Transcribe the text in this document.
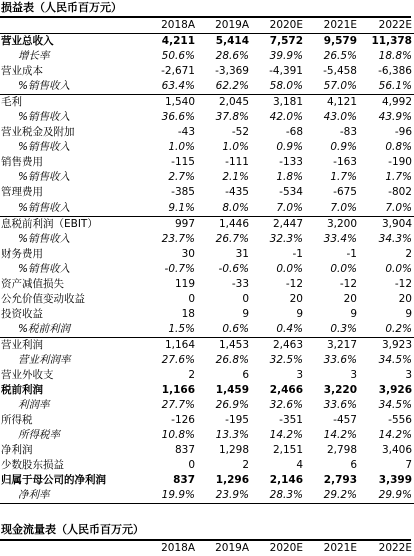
损益表（人民币百万元）
	2018A	2019A	2020E	2021E	2022E
营业总收入	4,211	5,414	7,572	9,579	11,378
增长率	50.6%	28.6%	39.9%	26.5%	18.8%
营业成本	-2,671	-3,369	-4,391	-5,458	-6,386
%销售收入	63.4%	62.2%	58.0%	57.0%	56.1%
毛利	1,540	2,045	3,181	4,121	4,992
%销售收入	36.6%	37.8%	42.0%	43.0%	43.9%
营业税金及附加	-43	-52	-68	-83	-96
%销售收入	1.0%	1.0%	0.9%	0.9%	0.8%
销售费用	-115	-111	-133	-163	-190
%销售收入	2.7%	2.1%	1.8%	1.7%	1.7%
管理费用	-385	-435	-534	-675	-802
%销售收入	9.1%	8.0%	7.0%	7.0%	7.0%
息税前利润（EBIT）	997	1,446	2,447	3,200	3,904
%销售收入	23.7%	26.7%	32.3%	33.4%	34.3%
财务费用	30	31	-1	-1	2
%销售收入	-0.7%	-0.6%	0.0%	0.0%	0.0%
资产减值损失	119	-33	-12	-12	-12
公允价值变动收益	0	0	20	20	20
投资收益	18	9	9	9	9
%税前利润	1.5%	0.6%	0.4%	0.3%	0.2%
营业利润	1,164	1,453	2,463	3,217	3,923
营业利润率	27.6%	26.8%	32.5%	33.6%	34.5%
营业外收支	2	6	3	3	3
税前利润	1,166	1,459	2,466	3,220	3,926
利润率	27.7%	26.9%	32.6%	33.6%	34.5%
所得税	-126	-195	-351	-457	-556
所得税率	10.8%	13.3%	14.2%	14.2%	14.2%
净利润	837	1,298	2,151	2,798	3,406
少数股东损益	0	2	4	6	7
归属于母公司的净利润	837	1,296	2,146	2,793	3,399
净利率	19.9%	23.9%	28.3%	29.2%	29.9%
现金流量表（人民币百万元）
	2018A	2019A	2020E	2021E	2022E
